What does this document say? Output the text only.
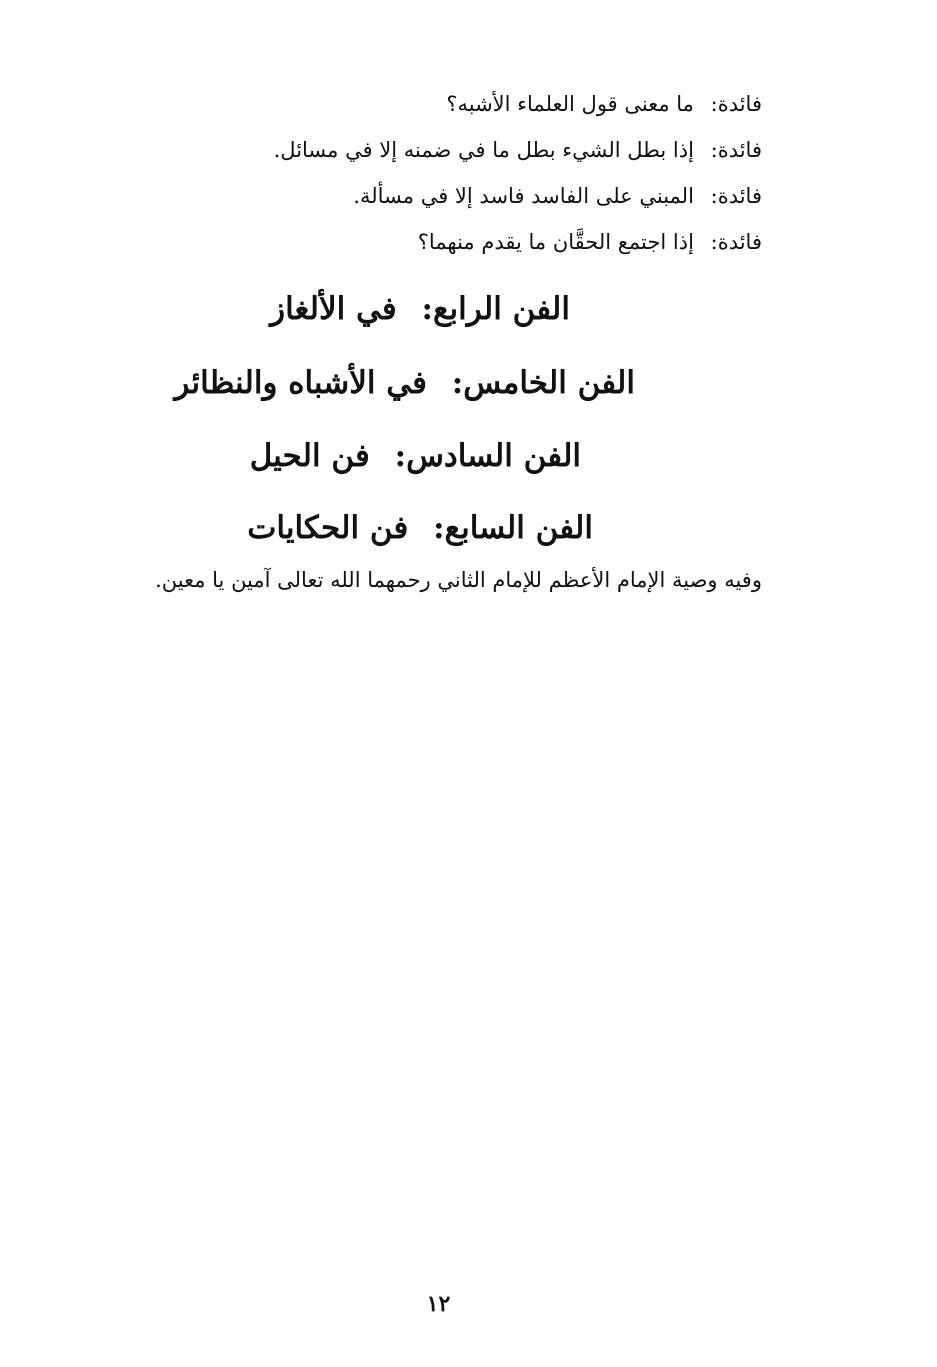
فائدة: ما معنى قول العلماء الأشبه؟
فائدة: إذا بطل الشيء بطل ما في ضمنه إلا في مسائل.
فائدة: المبني على الفاسد فاسد إلا في مسألة.
فائدة: إذا اجتمع الحقَّان ما يقدم منهما؟
الفن الرابع: في الألغاز
الفن الخامس: في الأشباه والنظائر
الفن السادس: فن الحيل
الفن السابع: فن الحكايات
وفيه وصية الإمام الأعظم للإمام الثاني رحمهما الله تعالى آمين يا معين.
١٢
